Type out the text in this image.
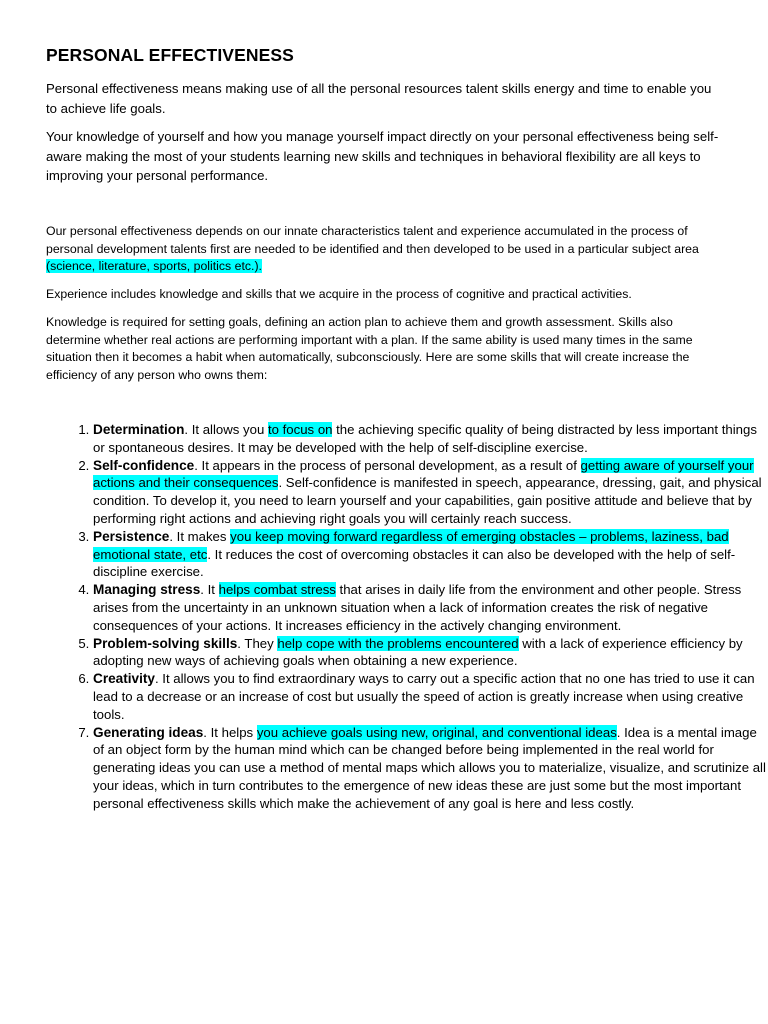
PERSONAL EFFECTIVENESS

Personal effectiveness means making use of all the personal resources talent skills energy and time to enable you to achieve life goals.

Your knowledge of yourself and how you manage yourself impact directly on your personal effectiveness being self-aware making the most of your students learning new skills and techniques in behavioral flexibility are all keys to improving your personal performance.

Our personal effectiveness depends on our innate characteristics talent and experience accumulated in the process of personal development talents first are needed to be identified and then developed to be used in a particular subject area (science, literature, sports, politics etc.).

Experience includes knowledge and skills that we acquire in the process of cognitive and practical activities.

Knowledge is required for setting goals, defining an action plan to achieve them and growth assessment. Skills also determine whether real actions are performing important with a plan. If the same ability is used many times in the same situation then it becomes a habit when automatically, subconsciously. Here are some skills that will create increase the efficiency of any person who owns them:

1. Determination. It allows you to focus on the achieving specific quality of being distracted by less important things or spontaneous desires. It may be developed with the help of self-discipline exercise.
2. Self-confidence. It appears in the process of personal development, as a result of getting aware of yourself your actions and their consequences. Self-confidence is manifested in speech, appearance, dressing, gait, and physical condition. To develop it, you need to learn yourself and your capabilities, gain positive attitude and believe that by performing right actions and achieving right goals you will certainly reach success.
3. Persistence. It makes you keep moving forward regardless of emerging obstacles – problems, laziness, bad emotional state, etc. It reduces the cost of overcoming obstacles it can also be developed with the help of self-discipline exercise.
4. Managing stress. It helps combat stress that arises in daily life from the environment and other people. Stress arises from the uncertainty in an unknown situation when a lack of information creates the risk of negative consequences of your actions. It increases efficiency in the actively changing environment.
5. Problem-solving skills. They help cope with the problems encountered with a lack of experience efficiency by adopting new ways of achieving goals when obtaining a new experience.
6. Creativity. It allows you to find extraordinary ways to carry out a specific action that no one has tried to use it can lead to a decrease or an increase of cost but usually the speed of action is greatly increase when using creative tools.
7. Generating ideas. It helps you achieve goals using new, original, and conventional ideas. Idea is a mental image of an object form by the human mind which can be changed before being implemented in the real world for generating ideas you can use a method of mental maps which allows you to materialize, visualize, and scrutinize all your ideas, which in turn contributes to the emergence of new ideas these are just some but the most important personal effectiveness skills which make the achievement of any goal is here and less costly.
